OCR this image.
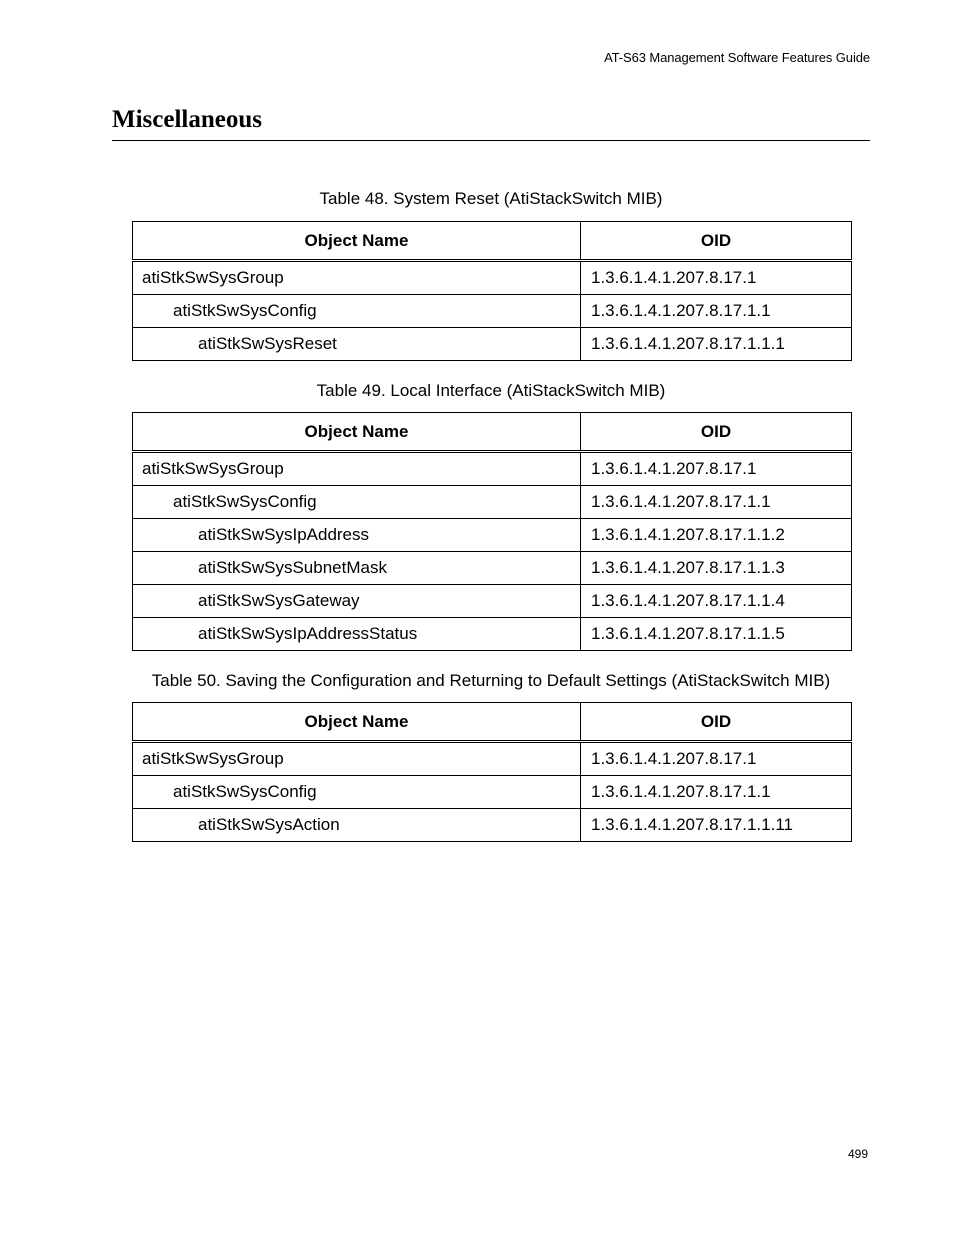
AT-S63 Management Software Features Guide
Miscellaneous
Table 48. System Reset (AtiStackSwitch MIB)
Object Name	OID
atiStkSwSysGroup	1.3.6.1.4.1.207.8.17.1
atiStkSwSysConfig	1.3.6.1.4.1.207.8.17.1.1
atiStkSwSysReset	1.3.6.1.4.1.207.8.17.1.1.1
Table 49. Local Interface (AtiStackSwitch MIB)
Object Name	OID
atiStkSwSysGroup	1.3.6.1.4.1.207.8.17.1
atiStkSwSysConfig	1.3.6.1.4.1.207.8.17.1.1
atiStkSwSysIpAddress	1.3.6.1.4.1.207.8.17.1.1.2
atiStkSwSysSubnetMask	1.3.6.1.4.1.207.8.17.1.1.3
atiStkSwSysGateway	1.3.6.1.4.1.207.8.17.1.1.4
atiStkSwSysIpAddressStatus	1.3.6.1.4.1.207.8.17.1.1.5
Table 50. Saving the Configuration and Returning to Default Settings (AtiStackSwitch MIB)
Object Name	OID
atiStkSwSysGroup	1.3.6.1.4.1.207.8.17.1
atiStkSwSysConfig	1.3.6.1.4.1.207.8.17.1.1
atiStkSwSysAction	1.3.6.1.4.1.207.8.17.1.1.11
499
